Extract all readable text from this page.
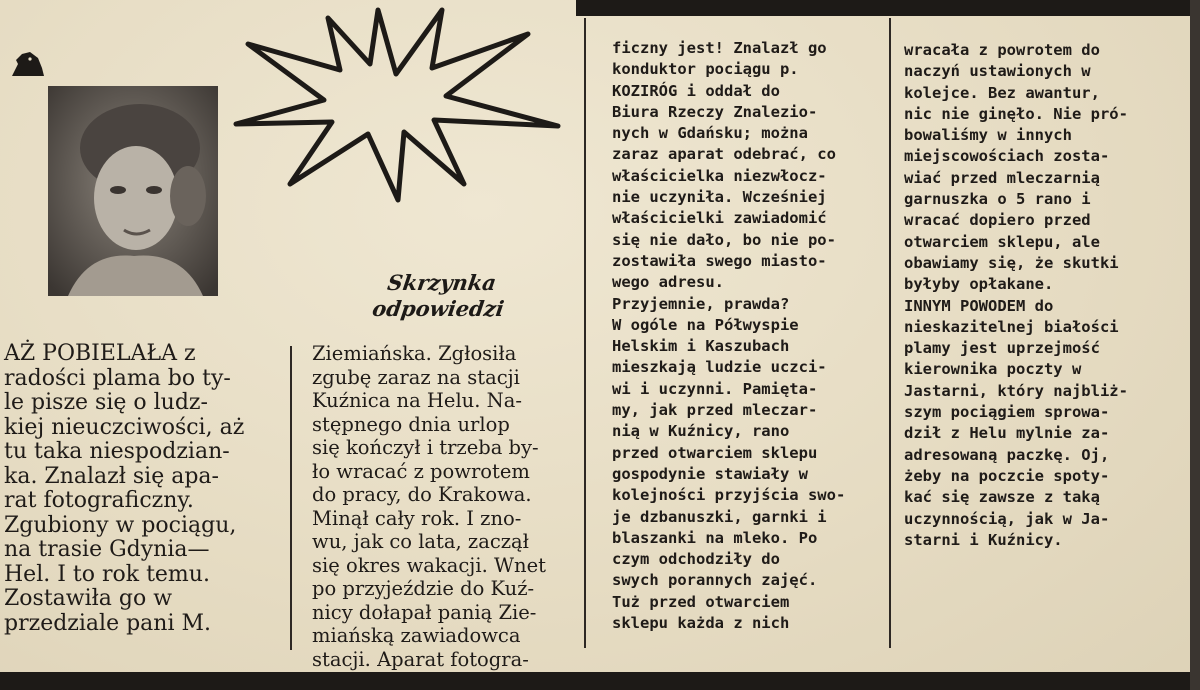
Skrzynka
odpowiedzi
AŻ POBIELAŁA z
radości plama bo ty-
le pisze się o ludz-
kiej nieuczciwości, aż
tu taka niespodzian-
ka. Znalazł się apa-
rat fotograficzny.
Zgubiony w pociągu,
na trasie Gdynia—
Hel. I to rok temu.
Zostawiła go w
przedziale pani M.
Ziemiańska. Zgłosiła
zgubę zaraz na stacji
Kuźnica na Helu. Na-
stępnego dnia urlop
się kończył i trzeba by-
ło wracać z powrotem
do pracy, do Krakowa.
Minął cały rok. I zno-
wu, jak co lata, zaczął
się okres wakacji. Wnet
po przyjeździe do Kuź-
nicy dołapał panią Zie-
miańską zawiadowca
stacji. Aparat fotogra-
ficzny jest! Znalazł go
konduktor pociągu p.
KOZIRÓG i oddał do
Biura Rzeczy Znalezio-
nych w Gdańsku; można
zaraz aparat odebrać, co
właścicielka niezwłocz-
nie uczyniła. Wcześniej
właścicielki zawiadomić
się nie dało, bo nie po-
zostawiła swego miasto-
wego adresu.
Przyjemnie, prawda?
W ogóle na Półwyspie
Helskim i Kaszubach
mieszkają ludzie uczci-
wi i uczynni. Pamięta-
my, jak przed mleczar-
nią w Kuźnicy, rano
przed otwarciem sklepu
gospodynie stawiały w
kolejności przyjścia swo-
je dzbanuszki, garnki i
blaszanki na mleko. Po
czym odchodziły do
swych porannych zajęć.
Tuż przed otwarciem
sklepu każda z nich
wracała z powrotem do
naczyń ustawionych w
kolejce. Bez awantur,
nic nie ginęło. Nie pró-
bowaliśmy w innych
miejscowościach zosta-
wiać przed mleczarnią
garnuszka o 5 rano i
wracać dopiero przed
otwarciem sklepu, ale
obawiamy się, że skutki
byłyby opłakane.
INNYM POWODEM do
nieskazitelnej białości
plamy jest uprzejmość
kierownika poczty w
Jastarni, który najbliż-
szym pociągiem sprowa-
dził z Helu mylnie za-
adresowaną paczkę. Oj,
żeby na poczcie spoty-
kać się zawsze z taką
uczynnością, jak w Ja-
starni i Kuźnicy.
